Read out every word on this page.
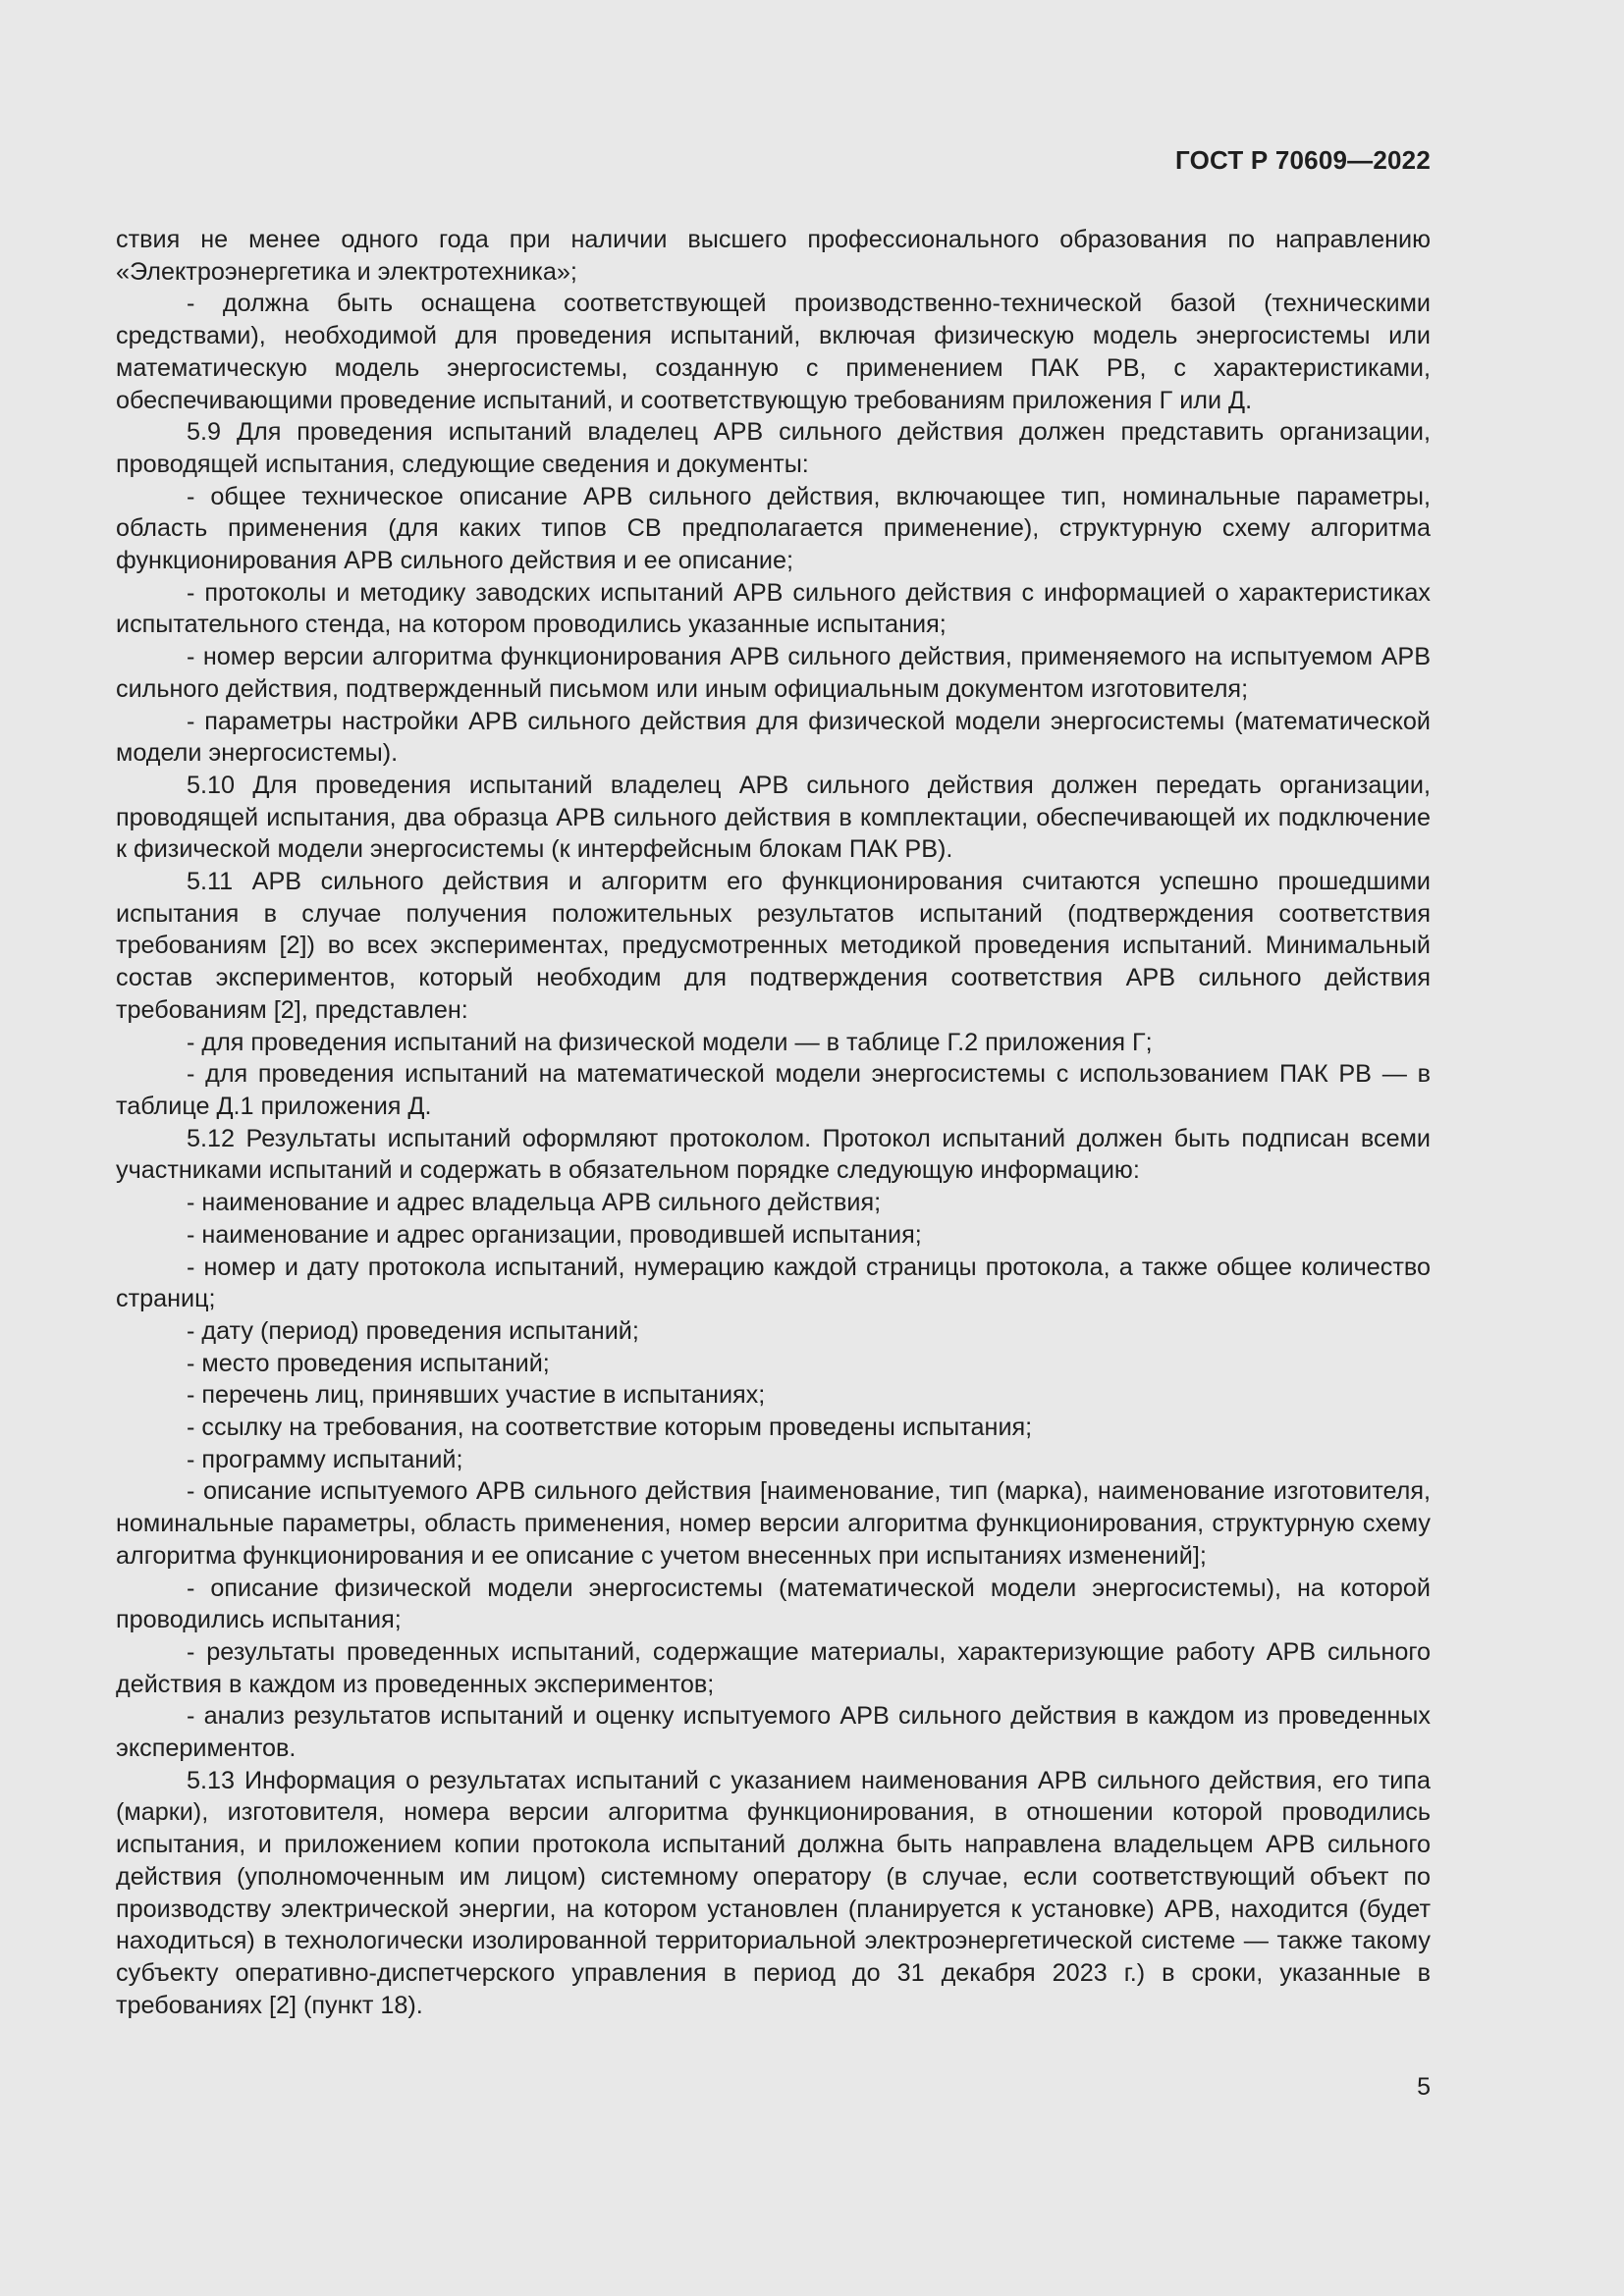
ГОСТ Р 70609—2022

ствия не менее одного года при наличии высшего профессионального образования по направлению «Электроэнергетика и электротехника»;

- должна быть оснащена соответствующей производственно-технической базой (техническими средствами), необходимой для проведения испытаний, включая физическую модель энергосистемы или математическую модель энергосистемы, созданную с применением ПАК РВ, с характеристиками, обеспечивающими проведение испытаний, и соответствующую требованиям приложения Г или Д.

5.9 Для проведения испытаний владелец АРВ сильного действия должен представить организации, проводящей испытания, следующие сведения и документы:

- общее техническое описание АРВ сильного действия, включающее тип, номинальные параметры, область применения (для каких типов СВ предполагается применение), структурную схему алгоритма функционирования АРВ сильного действия и ее описание;

- протоколы и методику заводских испытаний АРВ сильного действия с информацией о характеристиках испытательного стенда, на котором проводились указанные испытания;

- номер версии алгоритма функционирования АРВ сильного действия, применяемого на испытуемом АРВ сильного действия, подтвержденный письмом или иным официальным документом изготовителя;

- параметры настройки АРВ сильного действия для физической модели энергосистемы (математической модели энергосистемы).

5.10 Для проведения испытаний владелец АРВ сильного действия должен передать организации, проводящей испытания, два образца АРВ сильного действия в комплектации, обеспечивающей их подключение к физической модели энергосистемы (к интерфейсным блокам ПАК РВ).

5.11 АРВ сильного действия и алгоритм его функционирования считаются успешно прошедшими испытания в случае получения положительных результатов испытаний (подтверждения соответствия требованиям [2]) во всех экспериментах, предусмотренных методикой проведения испытаний. Минимальный состав экспериментов, который необходим для подтверждения соответствия АРВ сильного действия требованиям [2], представлен:

- для проведения испытаний на физической модели — в таблице Г.2 приложения Г;

- для проведения испытаний на математической модели энергосистемы с использованием ПАК РВ — в таблице Д.1 приложения Д.

5.12 Результаты испытаний оформляют протоколом. Протокол испытаний должен быть подписан всеми участниками испытаний и содержать в обязательном порядке следующую информацию:

- наименование и адрес владельца АРВ сильного действия;

- наименование и адрес организации, проводившей испытания;

- номер и дату протокола испытаний, нумерацию каждой страницы протокола, а также общее количество страниц;

- дату (период) проведения испытаний;

- место проведения испытаний;

- перечень лиц, принявших участие в испытаниях;

- ссылку на требования, на соответствие которым проведены испытания;

- программу испытаний;

- описание испытуемого АРВ сильного действия [наименование, тип (марка), наименование изготовителя, номинальные параметры, область применения, номер версии алгоритма функционирования, структурную схему алгоритма функционирования и ее описание с учетом внесенных при испытаниях изменений];

- описание физической модели энергосистемы (математической модели энергосистемы), на которой проводились испытания;

- результаты проведенных испытаний, содержащие материалы, характеризующие работу АРВ сильного действия в каждом из проведенных экспериментов;

- анализ результатов испытаний и оценку испытуемого АРВ сильного действия в каждом из проведенных экспериментов.

5.13 Информация о результатах испытаний с указанием наименования АРВ сильного действия, его типа (марки), изготовителя, номера версии алгоритма функционирования, в отношении которой проводились испытания, и приложением копии протокола испытаний должна быть направлена владельцем АРВ сильного действия (уполномоченным им лицом) системному оператору (в случае, если соответствующий объект по производству электрической энергии, на котором установлен (планируется к установке) АРВ, находится (будет находиться) в технологически изолированной территориальной электроэнергетической системе — также такому субъекту оперативно-диспетчерского управления в период до 31 декабря 2023 г.) в сроки, указанные в требованиях [2] (пункт 18).

5
